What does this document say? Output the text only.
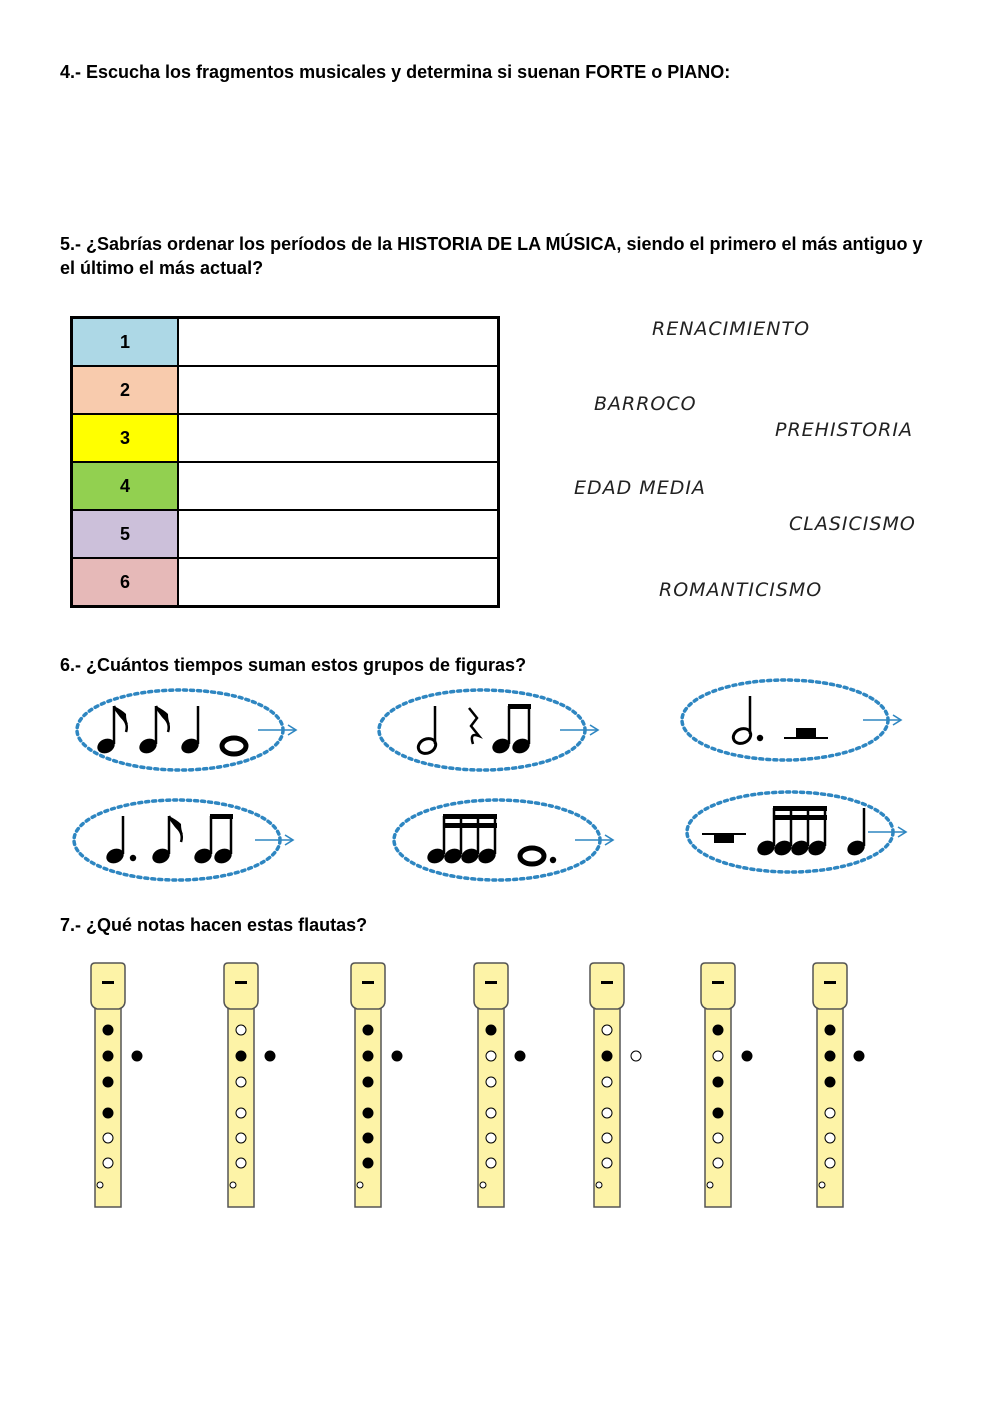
4.- Escucha los fragmentos musicales y determina si suenan FORTE o PIANO:

5.- ¿Sabrías ordenar los períodos de la HISTORIA DE LA MÚSICA, siendo el primero el más antiguo y el último el más actual?

1	
2	
3	
4	
5	
6	
RENACIMIENTO
BARROCO
PREHISTORIA
EDAD MEDIA
CLASICISMO
ROMANTICISMO

6.- ¿Cuántos tiempos suman estos grupos de figuras?

7.- ¿Qué notas hacen estas flautas?
